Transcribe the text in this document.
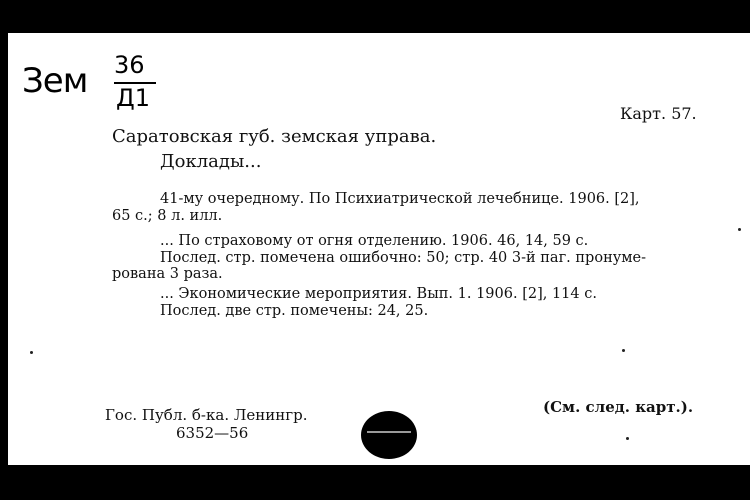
Зем 36
Д1
Карт. 57.
Саратовская губ. земская управа.
Доклады...
41-му очередному. По Психиатрической лечебнице. 1906. [2],
65 с.; 8 л. илл.
... По страховому от огня отделению. 1906. 46, 14, 59 с.
Послед. стр. помечена ошибочно: 50; стр. 40 3-й паг. пронуме-
рована 3 раза.
... Экономические мероприятия. Вып. 1. 1906. [2], 114 с.
Послед. две стр. помечены: 24, 25.
Гос. Публ. б-ка. Ленингр.
6352—56
(См. след. карт.).
